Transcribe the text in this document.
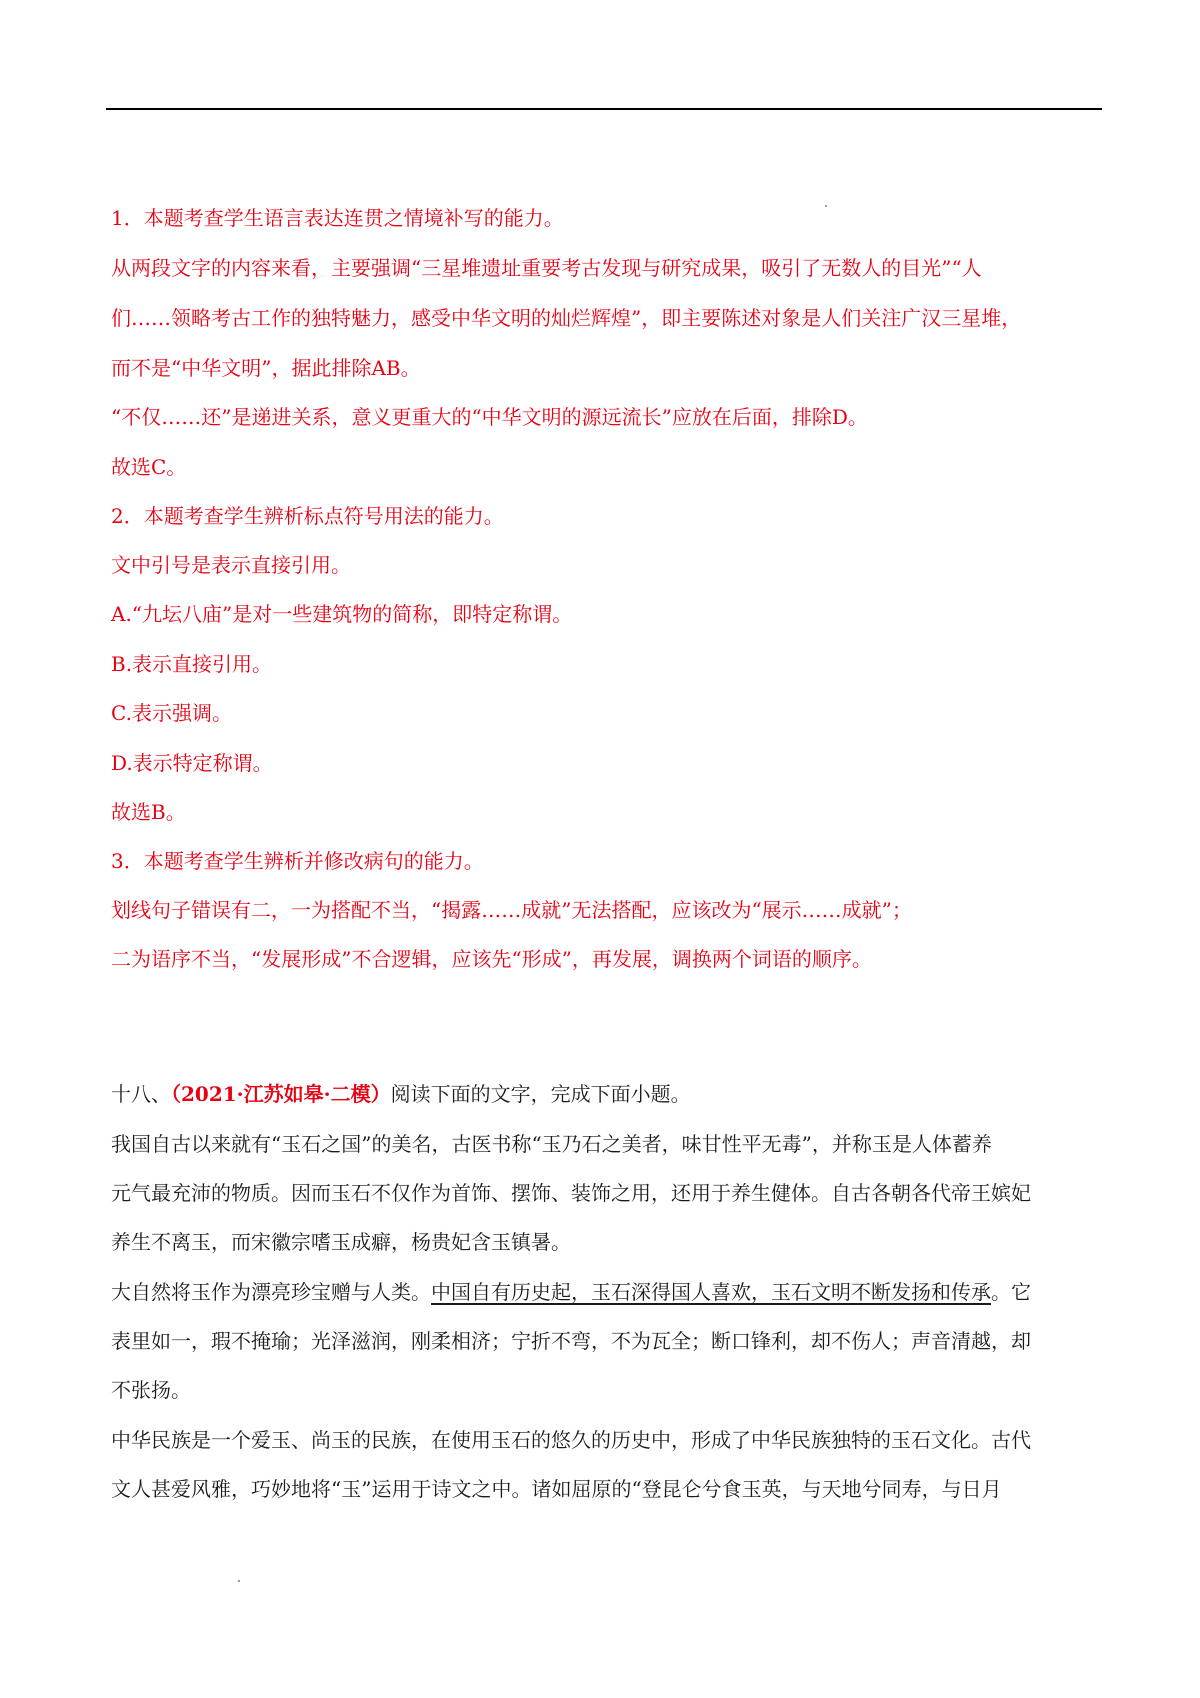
1．本题考查学生语言表达连贯之情境补写的能力。
从两段文字的内容来看，主要强调“三星堆遗址重要考古发现与研究成果，吸引了无数人的目光”“人
们……领略考古工作的独特魅力，感受中华文明的灿烂辉煌”，即主要陈述对象是人们关注广汉三星堆，
而不是“中华文明”，据此排除AB。
“不仅……还”是递进关系，意义更重大的“中华文明的源远流长”应放在后面，排除D。
故选C。
2．本题考查学生辨析标点符号用法的能力。
文中引号是表示直接引用。
A.“九坛八庙”是对一些建筑物的简称，即特定称谓。
B.表示直接引用。
C.表示强调。
D.表示特定称谓。
故选B。
3．本题考查学生辨析并修改病句的能力。
划线句子错误有二，一为搭配不当，“揭露……成就”无法搭配，应该改为“展示……成就”；
二为语序不当，“发展形成”不合逻辑，应该先“形成”，再发展，调换两个词语的顺序。
十八、（2021·江苏如皋·二模）阅读下面的文字，完成下面小题。
我国自古以来就有“玉石之国”的美名，古医书称“玉乃石之美者，味甘性平无毒”，并称玉是人体蓄养
元气最充沛的物质。因而玉石不仅作为首饰、摆饰、装饰之用，还用于养生健体。自古各朝各代帝王嫔妃
养生不离玉，而宋徽宗嗜玉成癖，杨贵妃含玉镇暑。
大自然将玉作为漂亮珍宝赠与人类。中国自有历史起，玉石深得国人喜欢，玉石文明不断发扬和传承。它
表里如一，瑕不掩瑜；光泽滋润，刚柔相济；宁折不弯，不为瓦全；断口锋利，却不伤人；声音清越，却
不张扬。
中华民族是一个爱玉、尚玉的民族，在使用玉石的悠久的历史中，形成了中华民族独特的玉石文化。古代
文人甚爱风雅，巧妙地将“玉”运用于诗文之中。诸如屈原的“登昆仑兮食玉英，与天地兮同寿，与日月
